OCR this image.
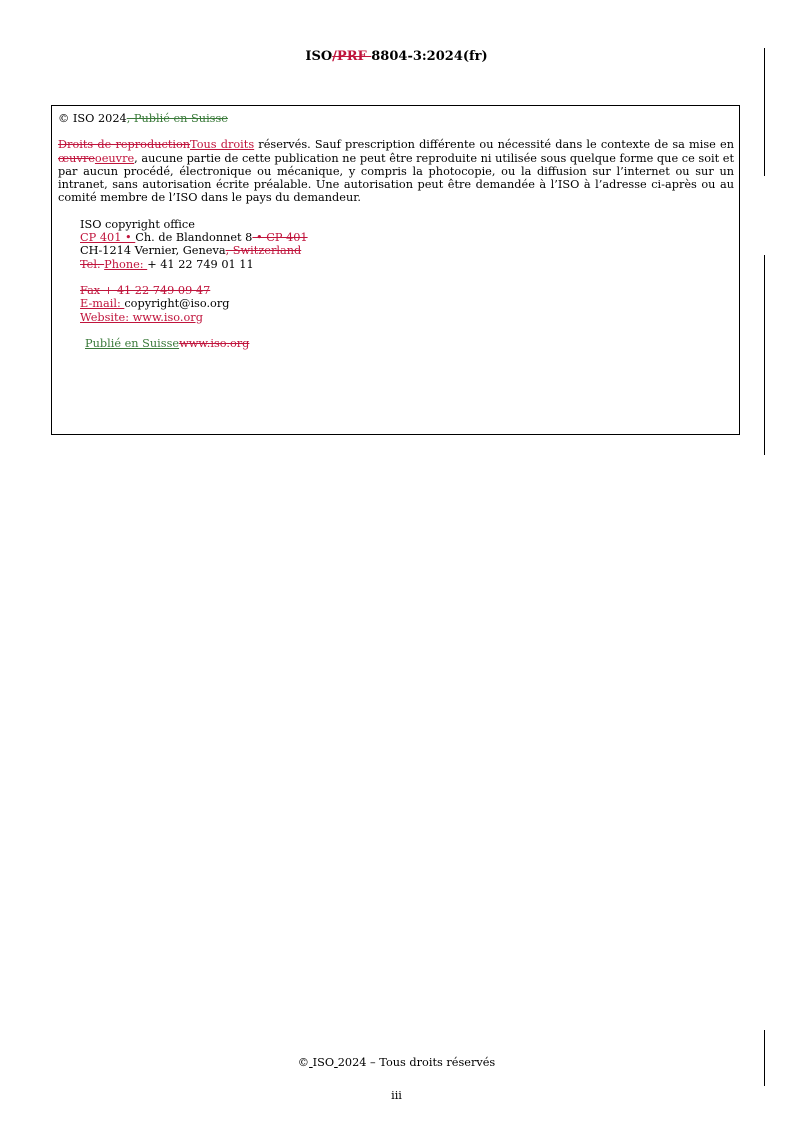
ISO/PRF 8804-3:2024(fr)
© ISO 2024, Publié en Suisse

Droits de reproductionTous droits réservés. Sauf prescription différente ou nécessité dans le contexte de sa mise en œuvreoeuvre, aucune partie de cette publication ne peut être reproduite ni utilisée sous quelque forme que ce soit et par aucun procédé, électronique ou mécanique, y compris la photocopie, ou la diffusion sur l’internet ou sur un intranet, sans autorisation écrite préalable. Une autorisation peut être demandée à l’ISO à l’adresse ci-après ou au comité membre de l’ISO dans le pays du demandeur.

ISO copyright office
CP 401 • Ch. de Blandonnet 8 • CP 401
CH-1214 Vernier, Geneva, Switzerland
Tel. Phone: + 41 22 749 01 11
Fax + 41 22 749 09 47
E-mail: copyright@iso.org
Website: www.iso.org
Publié en Suissewww.iso.org
© ISO 2024 – Tous droits réservés
iii
